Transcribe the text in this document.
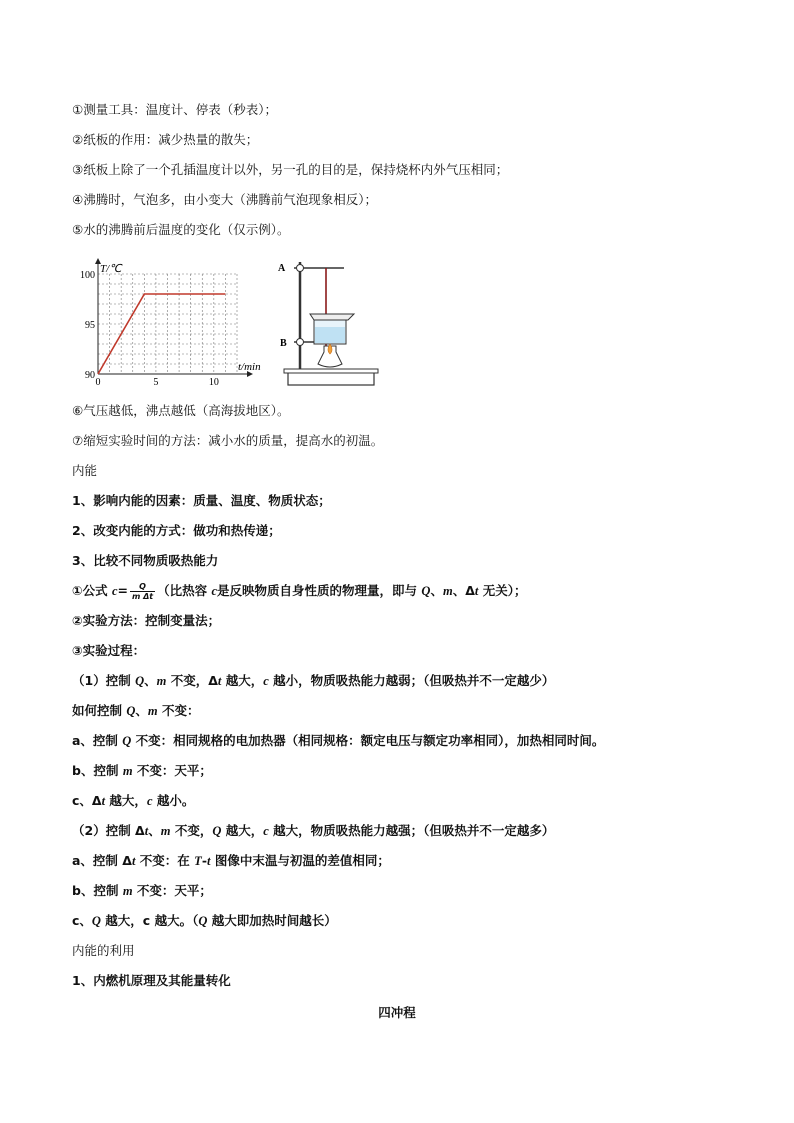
①测量工具：温度计、停表（秒表）；
②纸板的作用：减少热量的散失；
③纸板上除了一个孔插温度计以外，另一孔的目的是，保持烧杯内外气压相同；
④沸腾时，气泡多，由小变大（沸腾前气泡现象相反）；
⑤水的沸腾前后温度的变化（仅示例）。
0	5	10
90
95
100
T/℃
t/min
A
B
⑥气压越低，沸点越低（高海拔地区）。
⑦缩短实验时间的方法：减小水的质量，提高水的初温。
内能
1、影响内能的因素：质量、温度、物质状态；
2、改变内能的方式：做功和热传递；
3、比较不同物质吸热能力
①公式 $c= \frac{Q}{\text{m Δt}}$ （比热容 c是反映物质自身性质的物理量，即与 Q、m、Δt 无关）；
②实验方法：控制变量法；
③实验过程：
（1）控制 Q、m 不变，Δt 越大，c 越小，物质吸热能力越弱；（但吸热并不一定越少）
如何控制 Q、m 不变：
a、控制 Q 不变：相同规格的电加热器（相同规格：额定电压与额定功率相同），加热相同时间。
b、控制 m 不变：天平；
c、Δt 越大，c 越小。
（2）控制 Δt、m 不变，Q 越大，c 越大，物质吸热能力越强；（但吸热并不一定越多）
a、控制 Δt 不变：在 T-t 图像中末温与初温的差值相同；
b、控制 m 不变：天平；
c、Q 越大，c 越大。（Q 越大即加热时间越长）
内能的利用
1、内燃机原理及其能量转化
四冲程
